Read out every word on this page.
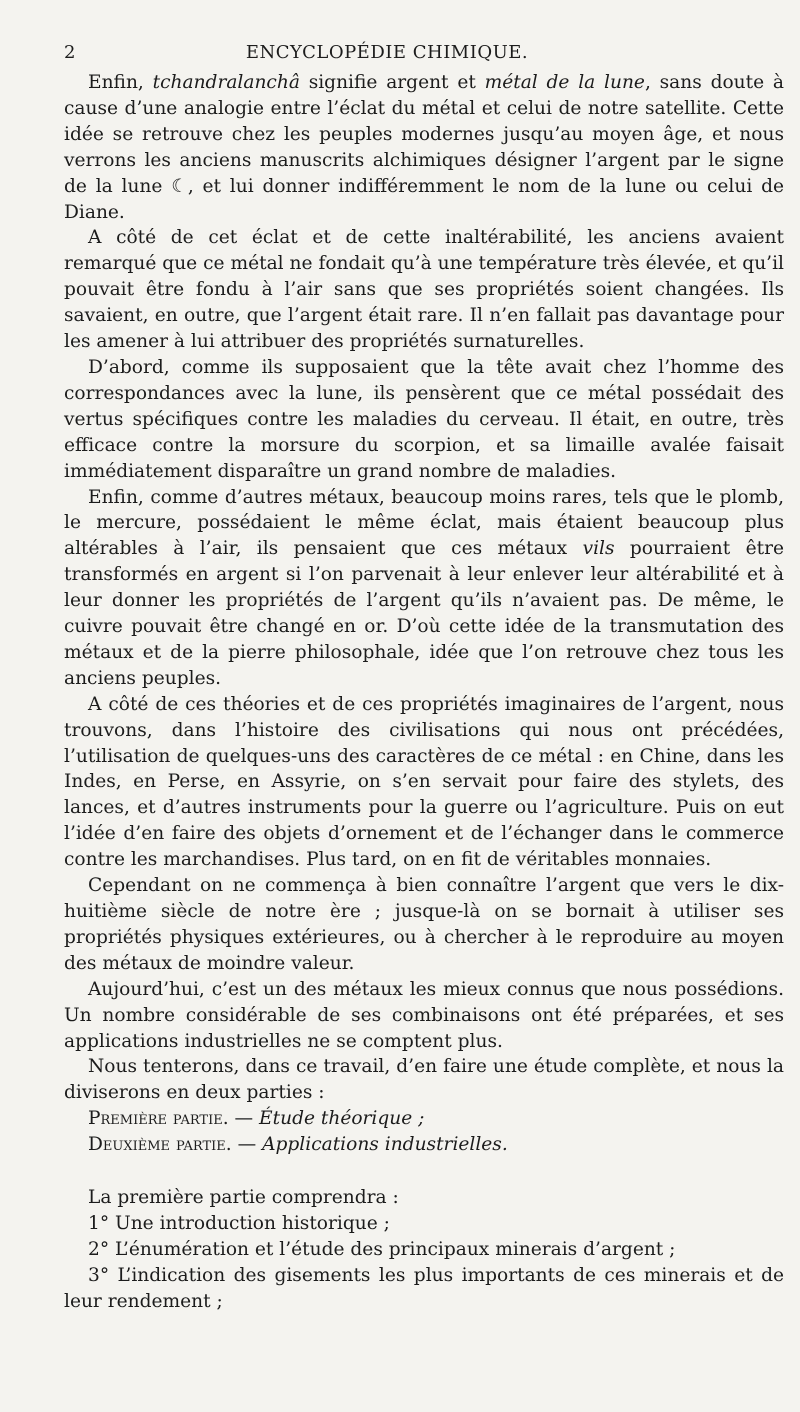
2	ENCYCLOPÉDIE CHIMIQUE.

Enfin, tchandralanchâ signifie argent et métal de la lune, sans doute à cause d’une analogie entre l’éclat du métal et celui de notre satellite. Cette idée se retrouve chez les peuples modernes jusqu’au moyen âge, et nous verrons les anciens manuscrits alchimiques désigner l’argent par le signe de la lune ☾, et lui donner indifféremment le nom de la lune ou celui de Diane.

A côté de cet éclat et de cette inaltérabilité, les anciens avaient remarqué que ce métal ne fondait qu’à une température très élevée, et qu’il pouvait être fondu à l’air sans que ses propriétés soient changées. Ils savaient, en outre, que l’argent était rare. Il n’en fallait pas davantage pour les amener à lui attribuer des propriétés surnaturelles.

D’abord, comme ils supposaient que la tête avait chez l’homme des correspondances avec la lune, ils pensèrent que ce métal possédait des vertus spécifiques contre les maladies du cerveau. Il était, en outre, très efficace contre la morsure du scorpion, et sa limaille avalée faisait immédiatement disparaître un grand nombre de maladies.

Enfin, comme d’autres métaux, beaucoup moins rares, tels que le plomb, le mercure, possédaient le même éclat, mais étaient beaucoup plus altérables à l’air, ils pensaient que ces métaux vils pourraient être transformés en argent si l’on parvenait à leur enlever leur altérabilité et à leur donner les propriétés de l’argent qu’ils n’avaient pas. De même, le cuivre pouvait être changé en or. D’où cette idée de la transmutation des métaux et de la pierre philosophale, idée que l’on retrouve chez tous les anciens peuples.

A côté de ces théories et de ces propriétés imaginaires de l’argent, nous trouvons, dans l’histoire des civilisations qui nous ont précédées, l’utilisation de quelques-uns des caractères de ce métal : en Chine, dans les Indes, en Perse, en Assyrie, on s’en servait pour faire des stylets, des lances, et d’autres instruments pour la guerre ou l’agriculture. Puis on eut l’idée d’en faire des objets d’ornement et de l’échanger dans le commerce contre les marchandises. Plus tard, on en fit de véritables monnaies.

Cependant on ne commença à bien connaître l’argent que vers le dix-huitième siècle de notre ère ; jusque-là on se bornait à utiliser ses propriétés physiques extérieures, ou à chercher à le reproduire au moyen des métaux de moindre valeur.

Aujourd’hui, c’est un des métaux les mieux connus que nous possédions. Un nombre considérable de ses combinaisons ont été préparées, et ses applications industrielles ne se comptent plus.

Nous tenterons, dans ce travail, d’en faire une étude complète, et nous la diviserons en deux parties :

Première partie. — Étude théorique ;

Deuxième partie. — Applications industrielles.

La première partie comprendra :

1° Une introduction historique ;

2° L’énumération et l’étude des principaux minerais d’argent ;

3° L’indication des gisements les plus importants de ces minerais et de leur rendement ;
